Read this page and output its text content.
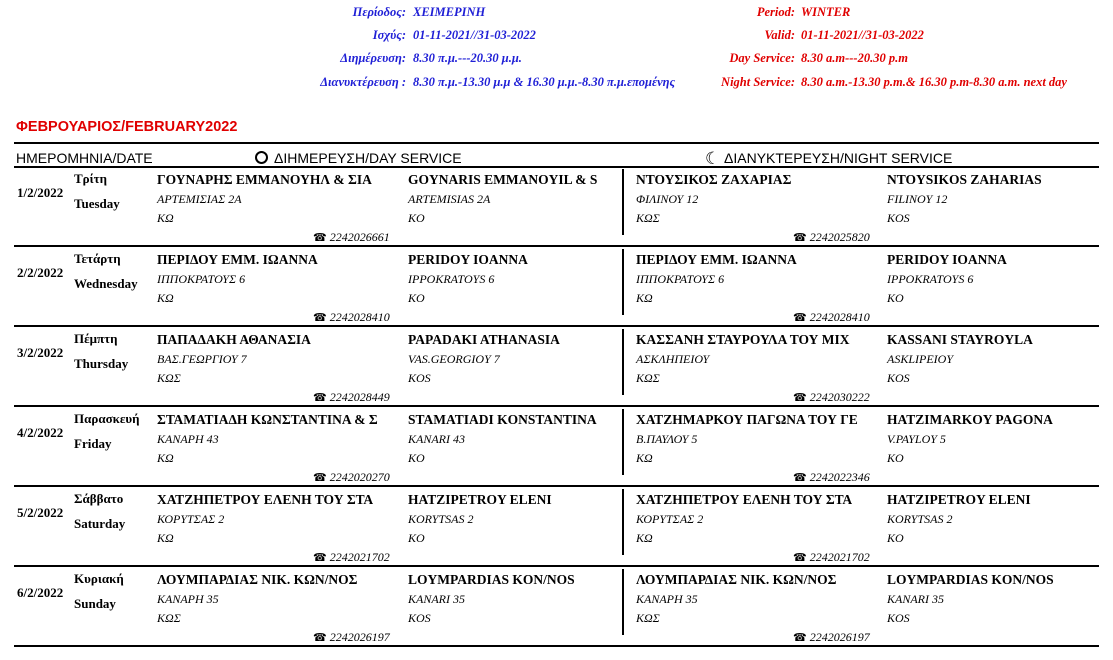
Περίοδος: ΧΕΙΜΕΡΙΝΗ
Ισχύς: 01-11-2021//31-03-2022
Διημέρευση: 8.30 π.μ.---20.30 μ.μ.
Διανυκτέρευση : 8.30 π.μ.-13.30 μ.μ & 16.30 μ.μ.-8.30 π.μ.επομένης
Period: WINTER
Valid: 01-11-2021//31-03-2022
Day Service: 8.30 a.m---20.30 p.m
Night Service: 8.30 a.m.-13.30 p.m.& 16.30 p.m-8.30 a.m. next day
ΦΕΒΡΟΥΑΡΙΟΣ/FEBRUARY2022
ΗΜΕΡΟΜΗΝΙΑ/DATE	ΔΙΗΜΕΡΕΥΣΗ/DAY SERVICE	☾ ΔΙΑΝΥΚΤΕΡΕΥΣΗ/NIGHT SERVICE
1/2/2022
Τρίτη
Tuesday
ΓΟΥΝΑΡΗΣ ΕΜΜΑΝΟΥΗΛ & ΣΙΑ
ΑΡΤΕΜΙΣΙΑΣ 2Α
ΚΩ
GOYNARIS EMMANOYIL & S
ARTEMISIAS 2A
KO
☎ 2242026661
ΝΤΟΥΣΙΚΟΣ ΖΑΧΑΡΙΑΣ
ΦΙΛΙΝΟΥ 12
ΚΩΣ
NTOYSIKOS ZAHARIAS
FILINOY 12
KOS
☎ 2242025820
2/2/2022
Τετάρτη
Wednesday
ΠΕΡΙΔΟΥ ΕΜΜ. ΙΩΑΝΝΑ
ΙΠΠΟΚΡΑΤΟΥΣ 6
ΚΩ
PERIDOY IOANNA
IPPOKRATOYS 6
KO
☎ 2242028410
ΠΕΡΙΔΟΥ ΕΜΜ. ΙΩΑΝΝΑ
ΙΠΠΟΚΡΑΤΟΥΣ 6
ΚΩ
PERIDOY IOANNA
IPPOKRATOYS 6
KO
☎ 2242028410
3/2/2022
Πέμπτη
Thursday
ΠΑΠΑΔΑΚΗ ΑΘΑΝΑΣΙΑ
ΒΑΣ.ΓΕΩΡΓΙΟΥ 7
ΚΩΣ
PAPADAKI ATHANASIA
VAS.GEORGIOY 7
KOS
☎ 2242028449
ΚΑΣΣΑΝΗ ΣΤΑΥΡΟΥΛΑ ΤΟΥ ΜΙΧ
ΑΣΚΛΗΠΕΙΟΥ
ΚΩΣ
KASSANI STAYROYLA
ASKLIPEIOY
KOS
☎ 2242030222
4/2/2022
Παρασκευή
Friday
ΣΤΑΜΑΤΙΑΔΗ ΚΩΝΣΤΑΝΤΙΝΑ & Σ
ΚΑΝΑΡΗ 43
ΚΩ
STAMATIADI KONSTANTINA
KANARI 43
KO
☎ 2242020270
ΧΑΤΖΗΜΑΡΚΟΥ ΠΑΓΩΝΑ ΤΟΥ ΓΕ
Β.ΠΑΥΛΟΥ 5
ΚΩ
HATZIMARKOY PAGONA
V.PAYLOY 5
KO
☎ 2242022346
5/2/2022
Σάββατο
Saturday
ΧΑΤΖΗΠΕΤΡΟΥ ΕΛΕΝΗ ΤΟΥ ΣΤΑ
ΚΟΡΥΤΣΑΣ 2
ΚΩ
HATZIPETROY ELENI
KORYTSAS 2
KO
☎ 2242021702
ΧΑΤΖΗΠΕΤΡΟΥ ΕΛΕΝΗ ΤΟΥ ΣΤΑ
ΚΟΡΥΤΣΑΣ 2
ΚΩ
HATZIPETROY ELENI
KORYTSAS 2
KO
☎ 2242021702
6/2/2022
Κυριακή
Sunday
ΛΟΥΜΠΑΡΔΙΑΣ ΝΙΚ. ΚΩΝ/ΝΟΣ
ΚΑΝΑΡΗ 35
ΚΩΣ
LOYMPARDIAS KON/NOS
KANARI 35
KOS
☎ 2242026197
ΛΟΥΜΠΑΡΔΙΑΣ ΝΙΚ. ΚΩΝ/ΝΟΣ
ΚΑΝΑΡΗ 35
ΚΩΣ
LOYMPARDIAS KON/NOS
KANARI 35
KOS
☎ 2242026197
